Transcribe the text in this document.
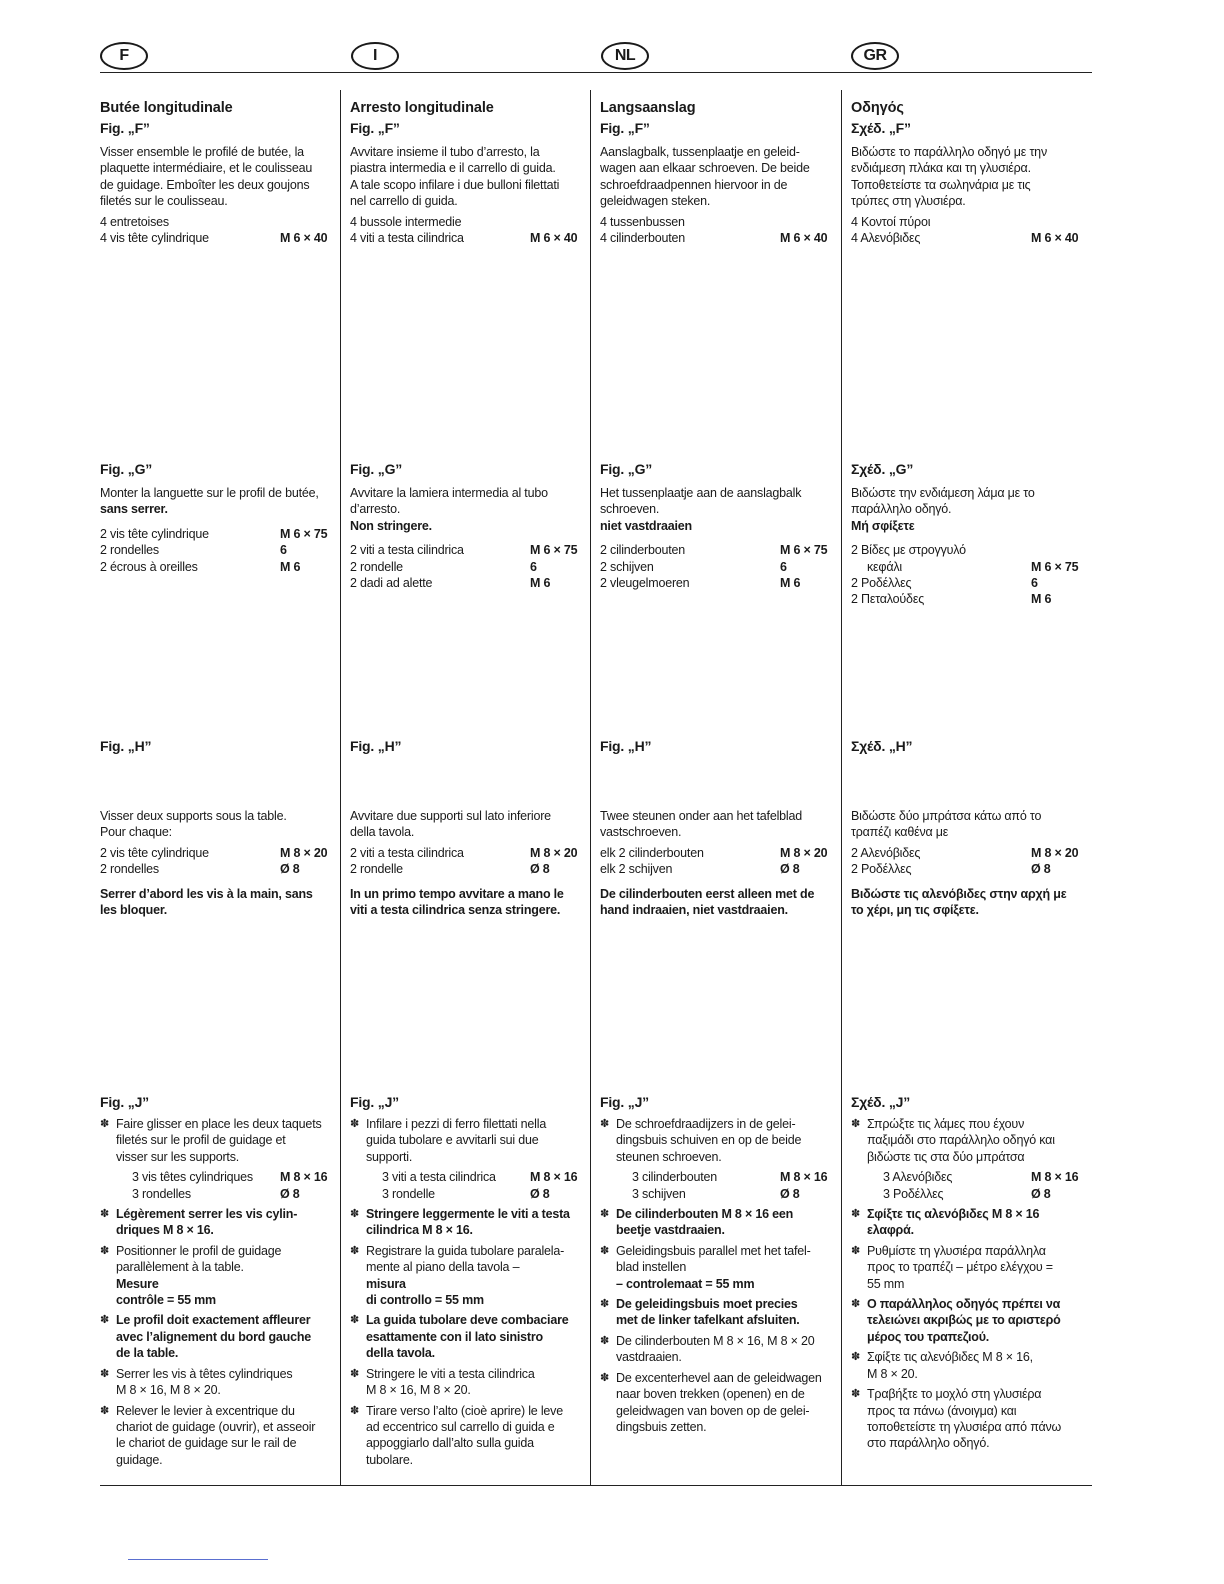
F	I	NL	GR
Butée longitudinale
Fig. „F”
Visser ensemble le profilé de butée, la
plaquette intermédiaire, et le coulisseau
de guidage. Emboîter les deux goujons
filetés sur le coulisseau.
4 entretoises
4 vis tête cylindrique	M 6 × 40
Fig. „G”
Monter la languette sur le profil de butée,
sans serrer.
2 vis tête cylindrique	M 6 × 75
2 rondelles	6
2 écrous à oreilles	M 6
Fig. „H”
Visser deux supports sous la table.
Pour chaque:
2 vis tête cylindrique	M 8 × 20
2 rondelles	Ø 8
Serrer d’abord les vis à la main, sans
les bloquer.
Fig. „J”
✽ Faire glisser en place les deux taquets
filetés sur le profil de guidage et
visser sur les supports.
3 vis têtes cylindriques M 8 × 16
3 rondelles	Ø 8
✽ Légèrement serrer les vis cylin-
driques M 8 × 16.
✽ Positionner le profil de guidage
parallèlement à la table.
Mesure
contrôle = 55 mm
✽ Le profil doit exactement affleurer
avec l’alignement du bord gauche
de la table.
✽ Serrer les vis à têtes cylindriques
M 8 × 16, M 8 × 20.
✽ Relever le levier à excentrique du
chariot de guidage (ouvrir), et asseoir
le chariot de guidage sur le rail de
guidage.
Arresto longitudinale
Fig. „F”
Avvitare insieme il tubo d’arresto, la
piastra intermedia e il carrello di guida.
A tale scopo infilare i due bulloni filettati
nel carrello di guida.
4 bussole intermedie
4 viti a testa cilindrica	M 6 × 40
Fig. „G”
Avvitare la lamiera intermedia al tubo
d’arresto.
Non stringere.
2 viti a testa cilindrica	M 6 × 75
2 rondelle	6
2 dadi ad alette	M 6
Fig. „H”
Avvitare due supporti sul lato inferiore
della tavola.
2 viti a testa cilindrica	M 8 × 20
2 rondelle	Ø 8
In un primo tempo avvitare a mano le
viti a testa cilindrica senza stringere.
Fig. „J”
✽ Infilare i pezzi di ferro filettati nella
guida tubolare e avvitarli sui due
supporti.
3 viti a testa cilindrica	M 8 × 16
3 rondelle	Ø 8
✽ Stringere leggermente le viti a testa
cilindrica M 8 × 16.
✽ Registrare la guida tubolare paralela-
mente al piano della tavola –
misura
di controllo = 55 mm
✽ La guida tubolare deve combaciare
esattamente con il lato sinistro
della tavola.
✽ Stringere le viti a testa cilindrica
M 8 × 16, M 8 × 20.
✽ Tirare verso l’alto (cioè aprire) le leve
ad eccentrico sul carrello di guida e
appoggiarlo dall’alto sulla guida
tubolare.
Langsaanslag
Fig. „F”
Aanslagbalk, tussenplaatje en geleid-
wagen aan elkaar schroeven. De beide
schroefdraadpennen hiervoor in de
geleidwagen steken.
4 tussenbussen
4 cilinderbouten	M 6 × 40
Fig. „G”
Het tussenplaatje aan de aanslagbalk
schroeven.
niet vastdraaien
2 cilinderbouten	M 6 × 75
2 schijven	6
2 vleugelmoeren	M 6
Fig. „H”
Twee steunen onder aan het tafelblad
vastschroeven.
elk 2 cilinderbouten	M 8 × 20
elk 2 schijven	Ø 8
De cilinderbouten eerst alleen met de
hand indraaien, niet vastdraaien.
Fig. „J”
✽ De schroefdraadijzers in de gelei-
dingsbuis schuiven en op de beide
steunen schroeven.
3 cilinderbouten	M 8 × 16
3 schijven	Ø 8
✽ De cilinderbouten M 8 × 16 een
beetje vastdraaien.
✽ Geleidingsbuis parallel met het tafel-
blad instellen
– controlemaat = 55 mm
✽ De geleidingsbuis moet precies
met de linker tafelkant afsluiten.
✽ De cilinderbouten M 8 × 16, M 8 × 20
vastdraaien.
✽ De excenterhevel aan de geleidwagen
naar boven trekken (openen) en de
geleidwagen van boven op de gelei-
dingsbuis zetten.
Οδηγός
Σχέδ. „F”
Βιδώστε το παράλληλο οδηγό με την
ενδιάμεση πλάκα και τη γλυσιέρα.
Τοποθετείστε τα σωληνάρια με τις
τρύπες στη γλυσιέρα.
4 Κοντοί πύροι
4 Αλενόβιδες	M 6 × 40
Σχέδ. „G”
Βιδώστε την ενδιάμεση λάμα με το
παράλληλο οδηγό.
Μή σφίξετε
2 Βίδες με στρογγυλό
κεφάλι	M 6 × 75
2 Ροδέλλες	6
2 Πεταλούδες	M 6
Σχέδ. „H”
Βιδώστε δύο μπράτσα κάτω από το
τραπέζι καθένα με
2 Αλενόβιδες	M 8 × 20
2 Ροδέλλες	Ø 8
Βιδώστε τις αλενόβιδες στην αρχή με
το χέρι, μη τις σφίξετε.
Σχέδ. „J”
✽ Σπρώξτε τις λάμες που έχουν
παξιμάδι στο παράλληλο οδηγό και
βιδώστε τις στα δύο μπράτσα
3 Αλενόβιδες	M 8 × 16
3 Ροδέλλες	Ø 8
✽ Σφίξτε τις αλενόβιδες M 8 × 16
ελαφρά.
✽ Ρυθμίστε τη γλυσιέρα παράλληλα
προς το τραπέζι – μέτρο ελέγχου =
55 mm
✽ Ο παράλληλος οδηγός πρέπει να
τελειώνει ακριβώς με το αριστερό
μέρος του τραπεζιού.
✽ Σφίξτε τις αλενόβιδες M 8 × 16,
M 8 × 20.
✽ Τραβήξτε το μοχλό στη γλυσιέρα
προς τα πάνω (άνοιγμα) και
τοποθετείστε τη γλυσιέρα από πάνω
στο παράλληλο οδηγό.
